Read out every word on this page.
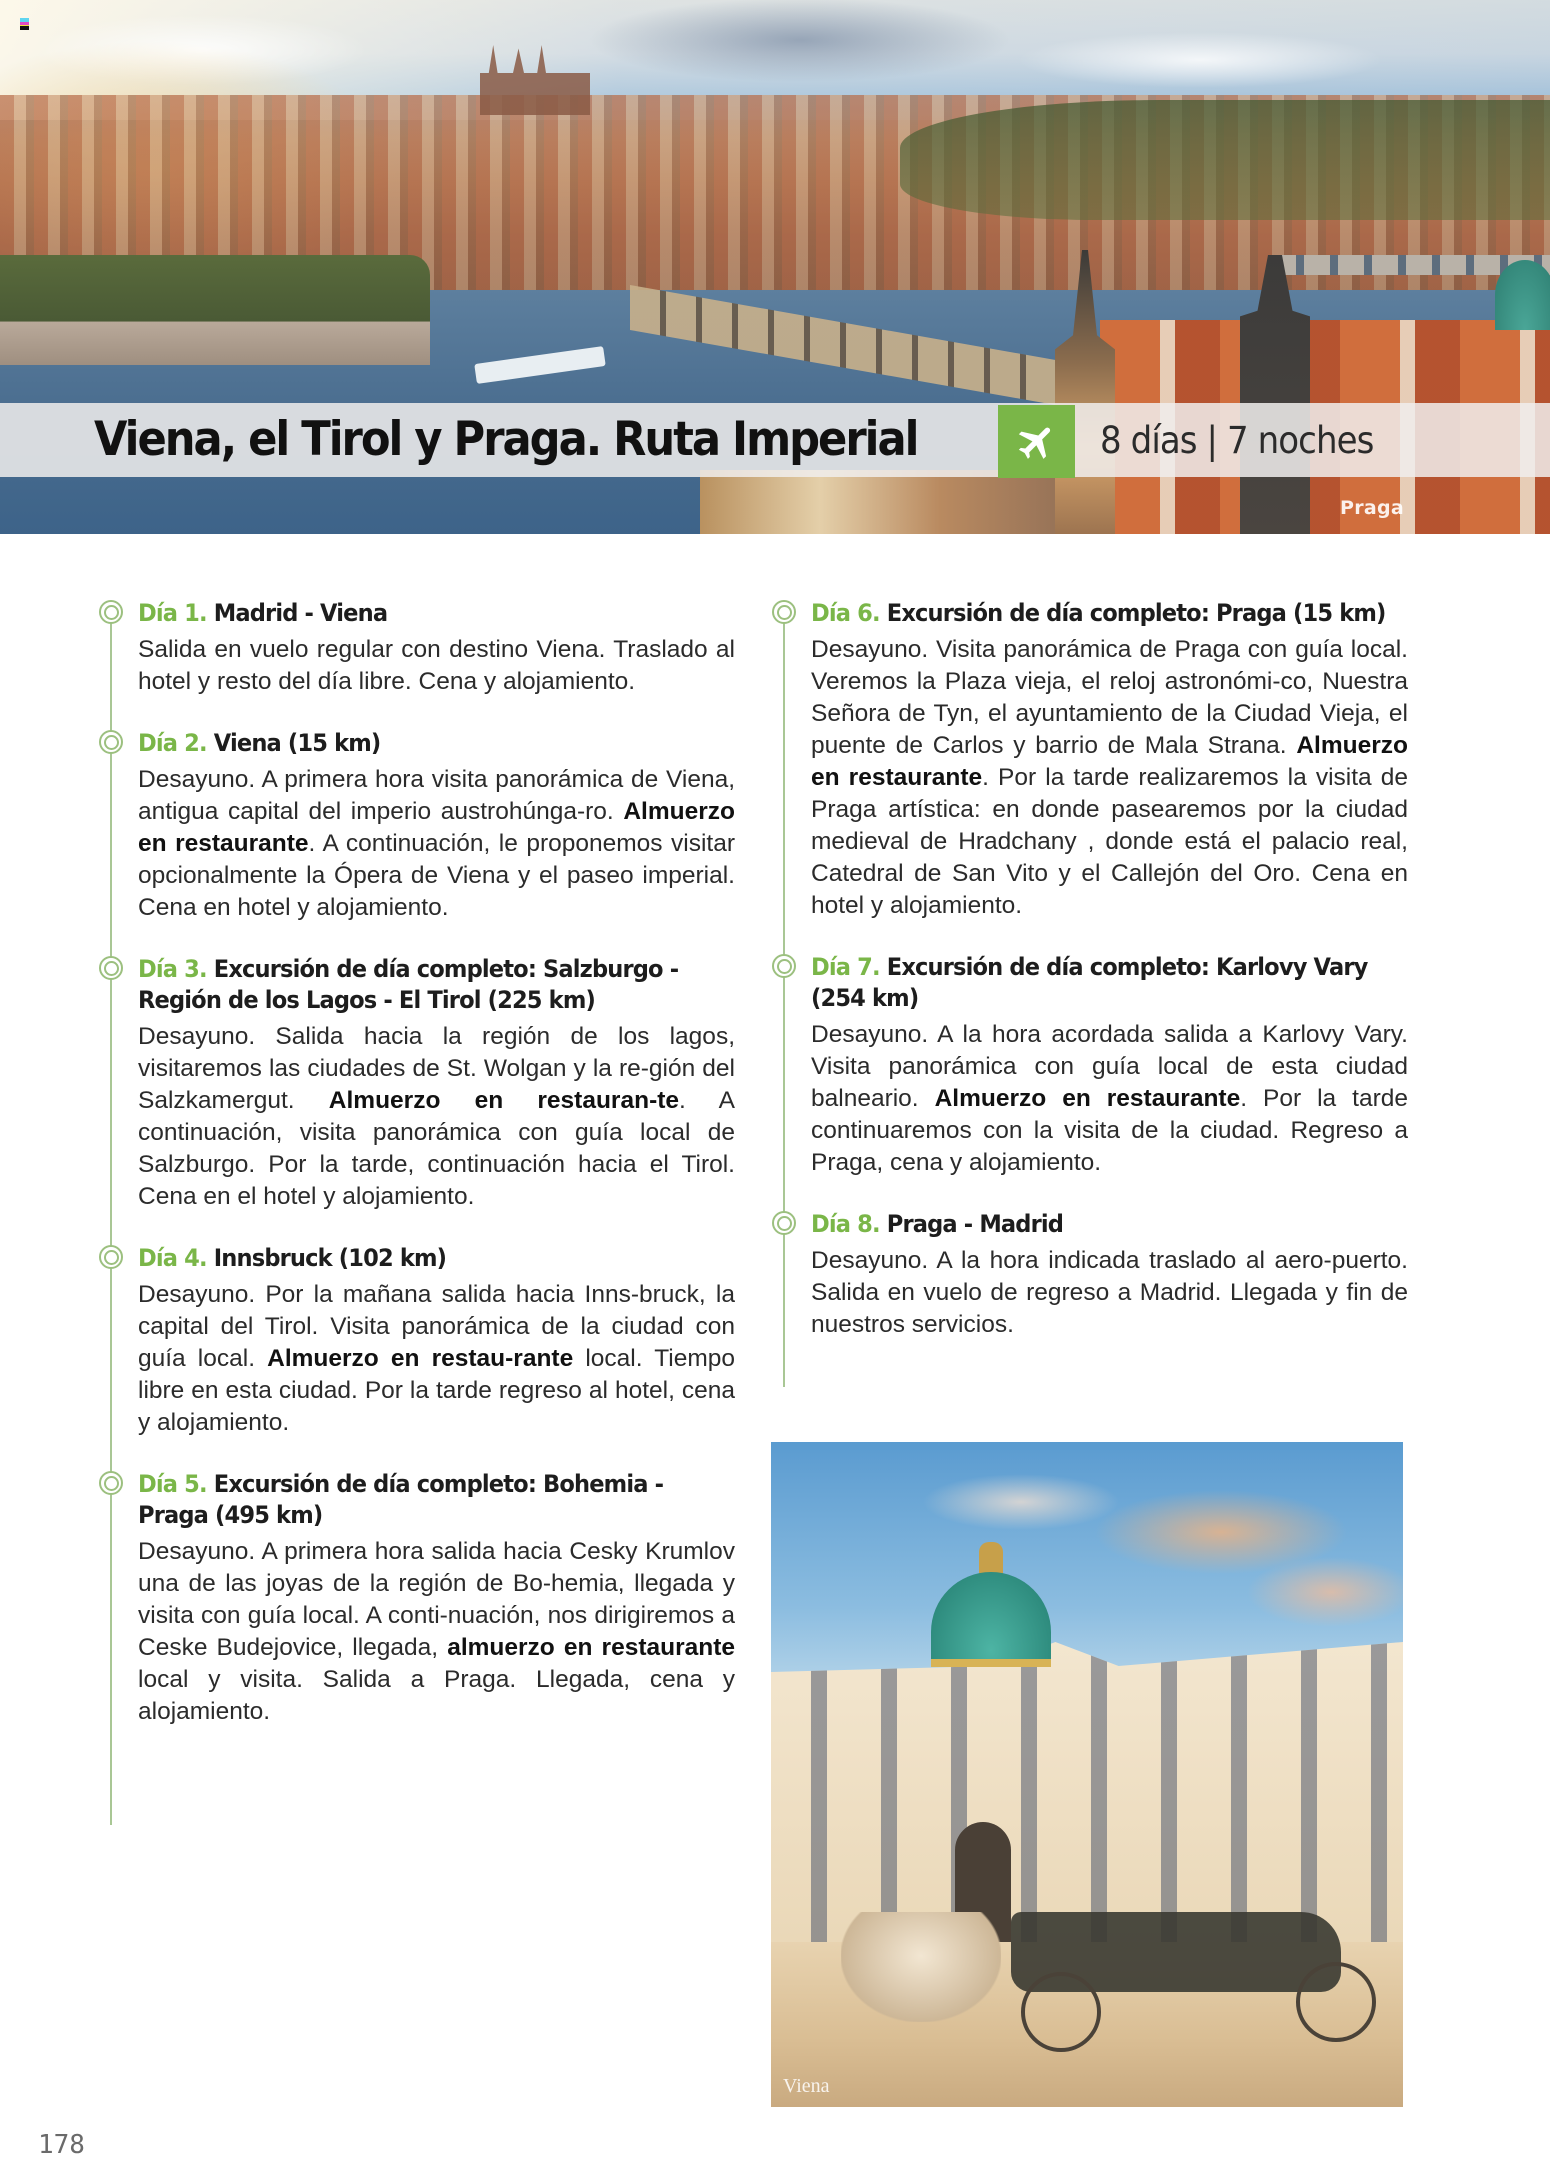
Viena, el Tirol y Praga. Ruta Imperial	8 días | 7 noches
Praga
Día 1. Madrid - Viena
Salida en vuelo regular con destino Viena. Traslado al hotel y resto del día libre. Cena y alojamiento.
Día 2. Viena (15 km)
Desayuno. A primera hora visita panorámica de Viena, antigua capital del imperio austrohúnga-ro. Almuerzo en restaurante. A continuación, le proponemos visitar opcionalmente la Ópera de Viena y el paseo imperial. Cena en hotel y alojamiento.
Día 3. Excursión de día completo: Salzburgo - Región de los Lagos - El Tirol (225 km)
Desayuno. Salida hacia la región de los lagos, visitaremos las ciudades de St. Wolgan y la re-gión del Salzkamergut. Almuerzo en restauran-te. A continuación, visita panorámica con guía local de Salzburgo. Por la tarde, continuación hacia el Tirol. Cena en el hotel y alojamiento.
Día 4. Innsbruck (102 km)
Desayuno. Por la mañana salida hacia Inns-bruck, la capital del Tirol. Visita panorámica de la ciudad con guía local. Almuerzo en restau-rante local. Tiempo libre en esta ciudad. Por la tarde regreso al hotel, cena y alojamiento.
Día 5. Excursión de día completo: Bohemia - Praga (495 km)
Desayuno. A primera hora salida hacia Cesky Krumlov una de las joyas de la región de Bo-hemia, llegada y visita con guía local. A conti-nuación, nos dirigiremos a Ceske Budejovice, llegada, almuerzo en restaurante local y visita. Salida a Praga. Llegada, cena y alojamiento.
Día 6. Excursión de día completo: Praga (15 km)
Desayuno. Visita panorámica de Praga con guía local. Veremos la Plaza vieja, el reloj astronómi-co, Nuestra Señora de Tyn, el ayuntamiento de la Ciudad Vieja, el puente de Carlos y barrio de Mala Strana. Almuerzo en restaurante. Por la tarde realizaremos la visita de Praga artística: en donde pasearemos por la ciudad medieval de Hradchany , donde está el palacio real, Catedral de San Vito y el Callejón del Oro. Cena en hotel y alojamiento.
Día 7. Excursión de día completo: Karlovy Vary (254 km)
Desayuno. A la hora acordada salida a Karlovy Vary. Visita panorámica con guía local de esta ciudad balneario. Almuerzo en restaurante. Por la tarde continuaremos con la visita de la ciudad. Regreso a Praga, cena y alojamiento.
Día 8. Praga - Madrid
Desayuno. A la hora indicada traslado al aero-puerto. Salida en vuelo de regreso a Madrid. Llegada y fin de nuestros servicios.
Viena
178
